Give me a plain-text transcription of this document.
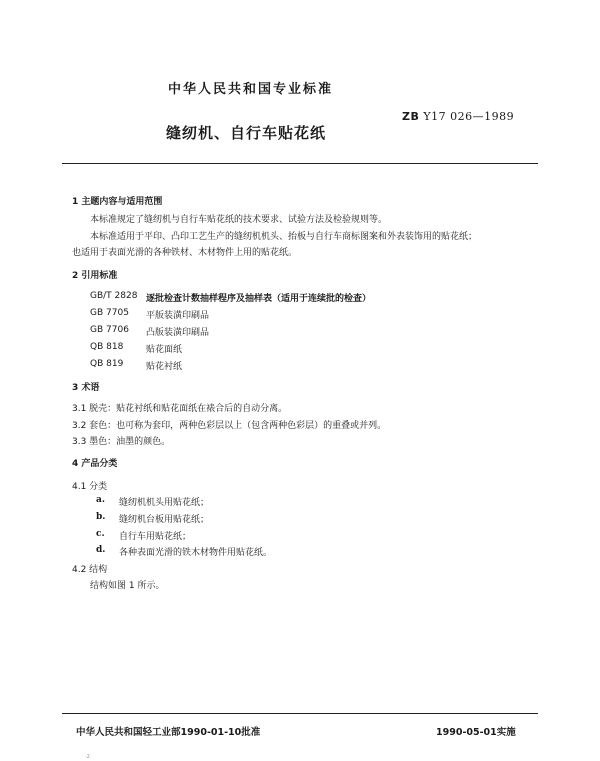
中华人民共和国专业标准
ZB Y17 026—1989
缝纫机、自行车贴花纸
1 主题内容与适用范围
本标准规定了缝纫机与自行车贴花纸的技术要求、试验方法及检验规则等。
本标准适用于平印、凸印工艺生产的缝纫机机头、抬板与自行车商标图案和外表装饰用的贴花纸；
也适用于表面光滑的各种铁材、木材物件上用的贴花纸。
2 引用标准
GB/T 2828 逐批检查计数抽样程序及抽样表（适用于连续批的检查）
GB 7705 平版装潢印刷品
GB 7706 凸版装潢印刷品
QB 818	贴花面纸
QB 819	贴花衬纸
3 术语
3.1 脱壳：贴花衬纸和贴花面纸在裱合后的自动分离。
3.2 套色：也可称为套印，两种色彩层以上（包含两种色彩层）的重叠或并列。
3.3 墨色：油墨的颜色。
4 产品分类
4.1 分类
a. 缝纫机机头用贴花纸；
b. 缝纫机台板用贴花纸；
c. 自行车用贴花纸；
d. 各种表面光滑的铁木材物件用贴花纸。
4.2 结构
结构如图 1 所示。
中华人民共和国轻工业部1990-01-10批准	1990-05-01实施
·2·
